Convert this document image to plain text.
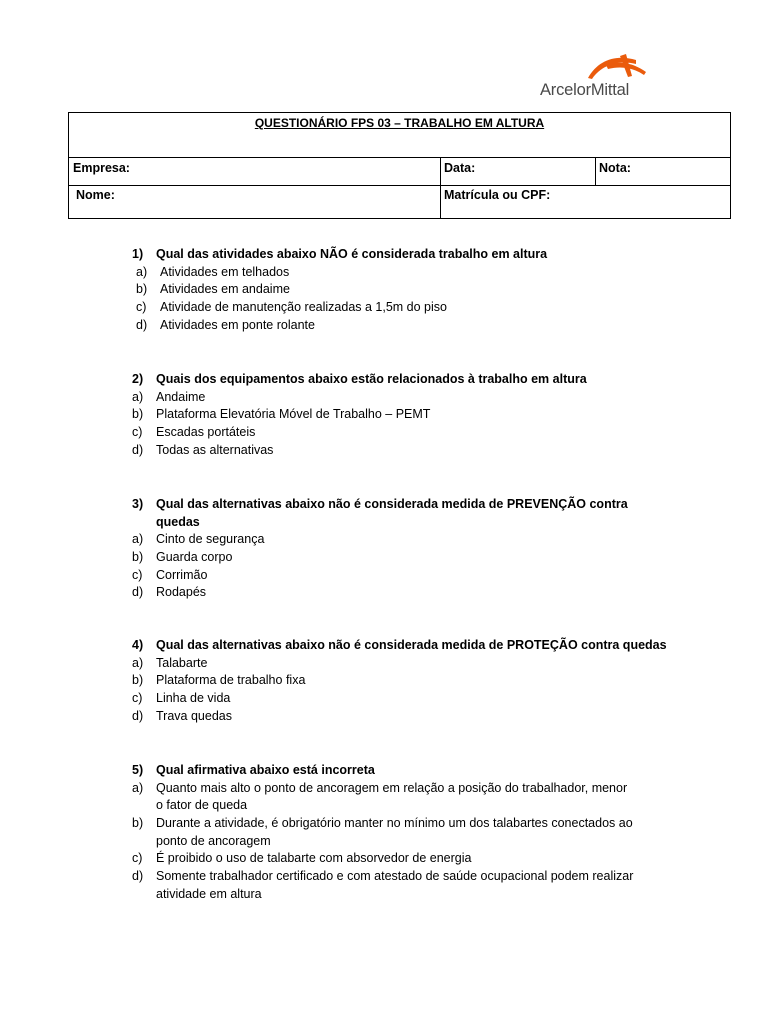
ArcelorMittal
QUESTIONÁRIO FPS 03 – TRABALHO EM ALTURA
Empresa:	Data:	Nota:
Nome:	Matrícula ou CPF:
1) Qual das atividades abaixo NÃO é considerada trabalho em altura
a) Atividades em telhados
b) Atividades em andaime
c) Atividade de manutenção realizadas a 1,5m do piso
d) Atividades em ponte rolante
2) Quais dos equipamentos abaixo estão relacionados à trabalho em altura
a) Andaime
b) Plataforma Elevatória Móvel de Trabalho – PEMT
c) Escadas portáteis
d) Todas as alternativas
3) Qual das alternativas abaixo não é considerada medida de PREVENÇÃO contra
quedas
a) Cinto de segurança
b) Guarda corpo
c) Corrimão
d) Rodapés
4) Qual das alternativas abaixo não é considerada medida de PROTEÇÃO contra quedas
a) Talabarte
b) Plataforma de trabalho fixa
c) Linha de vida
d) Trava quedas
5) Qual afirmativa abaixo está incorreta
a) Quanto mais alto o ponto de ancoragem em relação a posição do trabalhador, menor
o fator de queda
b) Durante a atividade, é obrigatório manter no mínimo um dos talabartes conectados ao
ponto de ancoragem
c) É proibido o uso de talabarte com absorvedor de energia
d) Somente trabalhador certificado e com atestado de saúde ocupacional podem realizar
atividade em altura
